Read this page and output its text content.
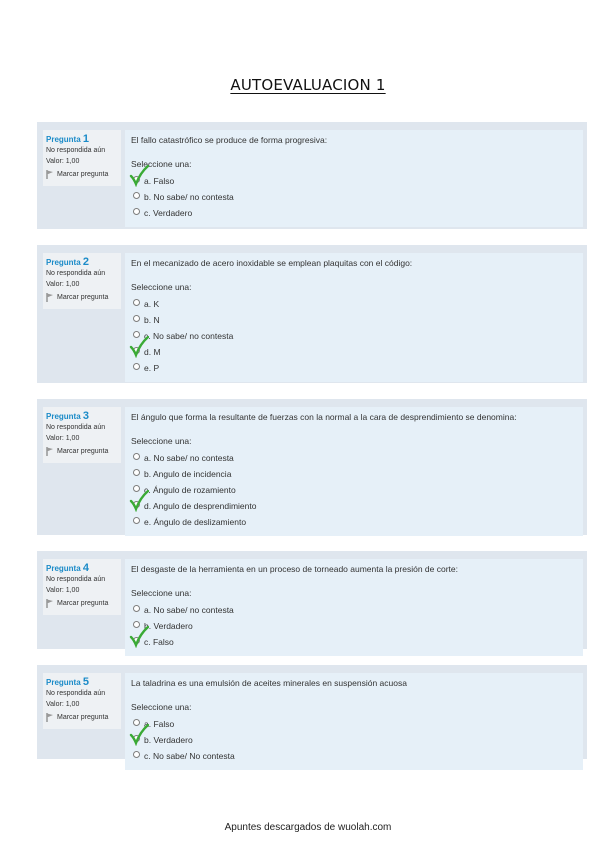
AUTOEVALUACION 1
Pregunta 1
No respondida aún
Valor: 1,00
Marcar pregunta
El fallo catastrófico se produce de forma progresiva:
Seleccione una:
a. Falso
b. No sabe/ no contesta
c. Verdadero
Pregunta 2
No respondida aún
Valor: 1,00
Marcar pregunta
En el mecanizado de acero inoxidable se emplean plaquitas con el código:
Seleccione una:
a. K
b. N
c. No sabe/ no contesta
d. M
e. P
Pregunta 3
No respondida aún
Valor: 1,00
Marcar pregunta
El ángulo que forma la resultante de fuerzas con la normal a la cara de desprendimiento se denomina:
Seleccione una:
a. No sabe/ no contesta
b. Angulo de incidencia
c. Ángulo de rozamiento
d. Angulo de desprendimiento
e. Ángulo de deslizamiento
Pregunta 4
No respondida aún
Valor: 1,00
Marcar pregunta
El desgaste de la herramienta en un proceso de torneado aumenta la presión de corte:
Seleccione una:
a. No sabe/ no contesta
b. Verdadero
c. Falso
Pregunta 5
No respondida aún
Valor: 1,00
Marcar pregunta
La taladrina es una emulsión de aceites minerales en suspensión acuosa
Seleccione una:
a. Falso
b. Verdadero
c. No sabe/ No contesta
Apuntes descargados de wuolah.com
